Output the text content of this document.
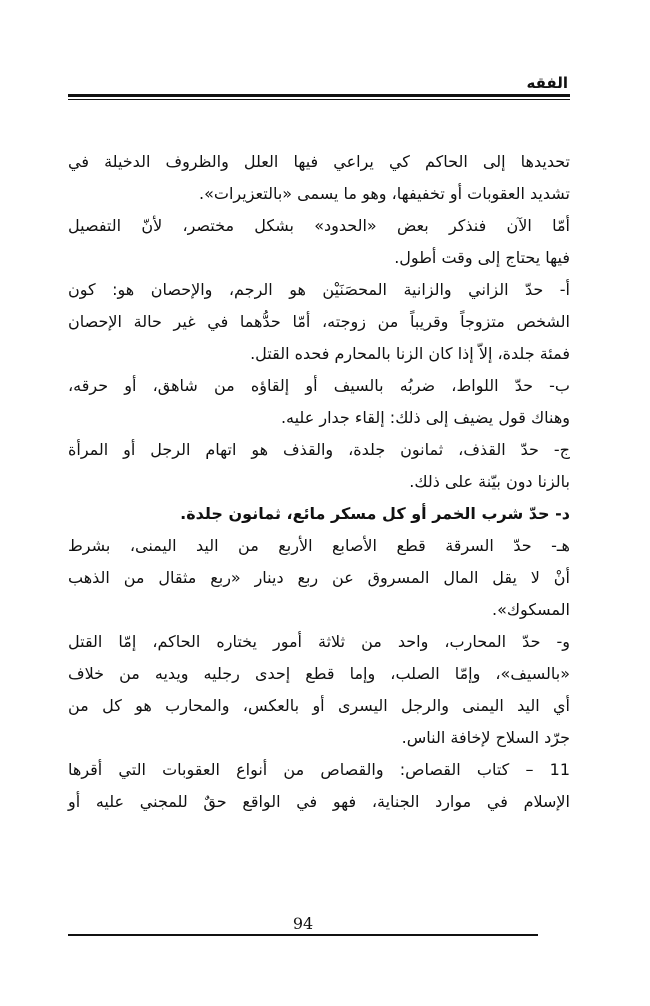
الفقه

تحديدها إلى الحاكم كي يراعي فيها العلل والظروف الدخيلة في
تشديد العقوبات أو تخفيفها، وهو ما يسمى «بالتعزيرات».

أمّا الآن فنذكر بعض «الحدود» بشكل مختصر، لأنّ التفصيل
فيها يحتاج إلى وقت أطول.

أ- حدّ الزاني والزانية المحصَنَيْن هو الرجم، والإحصان هو: كون
الشخص متزوجاً وقريباً من زوجته، أمّا حدُّهما في غير حالة الإحصان
فمئة جلدة، إلاّ إذا كان الزنا بالمحارم فحده القتل.

ب- حدّ اللواط، ضربُه بالسيف أو إلقاؤه من شاهق، أو حرقه،
وهناك قول يضيف إلى ذلك: إلقاء جدار عليه.

ج- حدّ القذف، ثمانون جلدة، والقذف هو اتهام الرجل أو المرأة
بالزنا دون بيّنة على ذلك.

د- حدّ شرب الخمر أو كل مسكر مائع، ثمانون جلدة.

هـ- حدّ السرقة قطع الأصابع الأربع من اليد اليمنى، بشرط
أنْ لا يقل المال المسروق عن ربع دينار «ربع مثقال من الذهب
المسكوك».

و- حدّ المحارب، واحد من ثلاثة أمور يختاره الحاكم، إمّا القتل
«بالسيف»، وإمّا الصلب، وإما قطع إحدى رجليه ويديه من خلاف
أي اليد اليمنى والرجل اليسرى أو بالعكس، والمحارب هو كل من
جرّد السلاح لإخافة الناس.

11 – كتاب القصاص: والقصاص من أنواع العقوبات التي أقرها
الإسلام في موارد الجناية، فهو في الواقع حقٌ للمجني عليه أو

94
